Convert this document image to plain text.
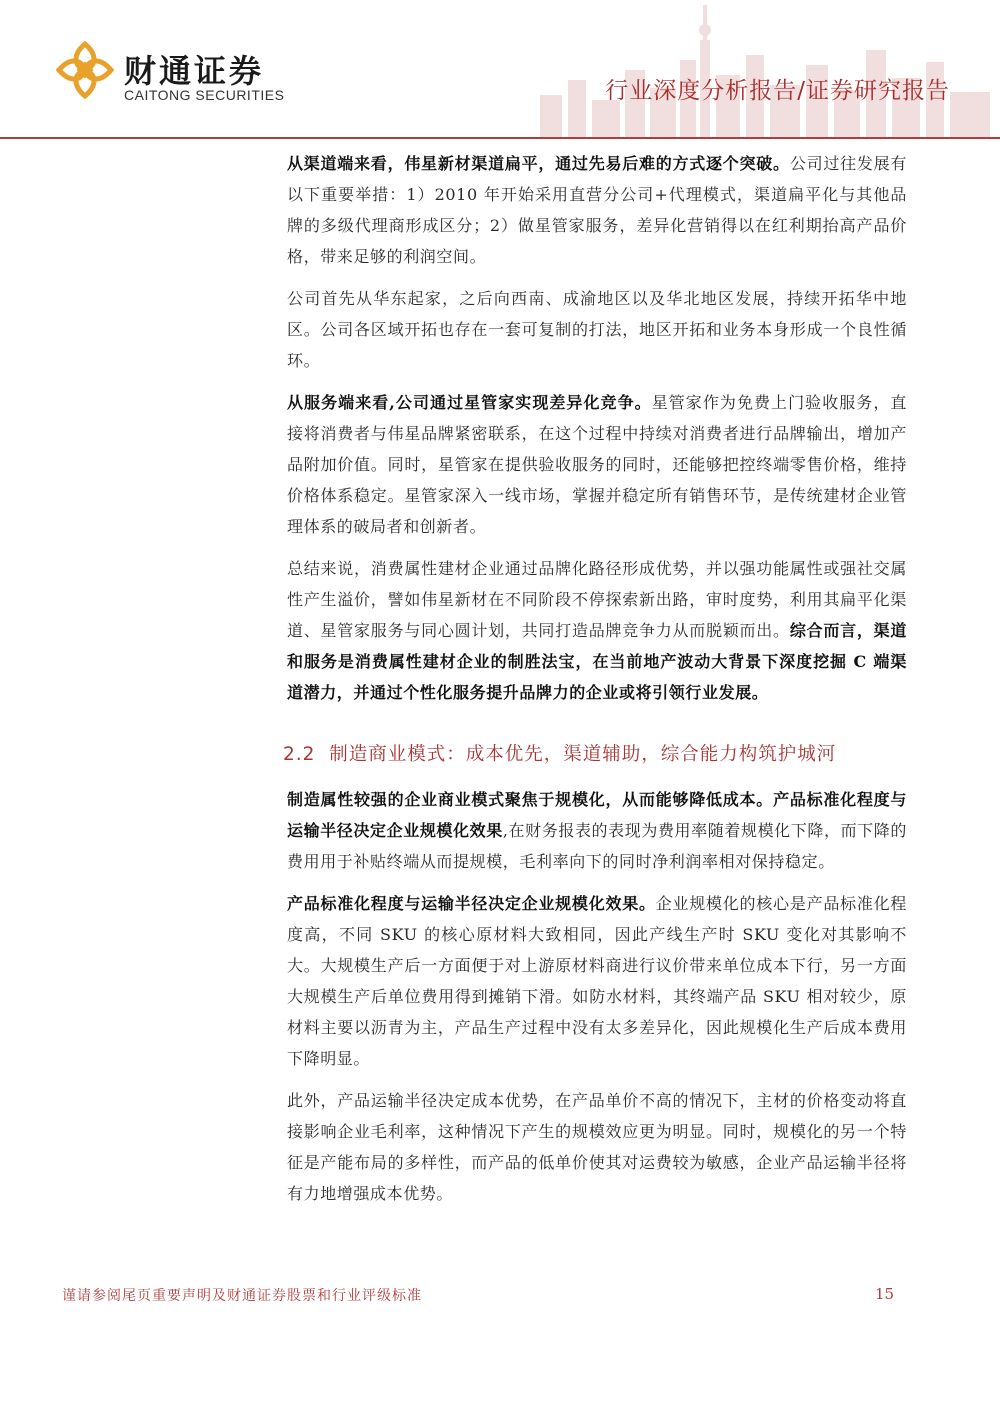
财通证券
CAITONG SECURITIES	行业深度分析报告/证券研究报告

从渠道端来看，伟星新材渠道扁平，通过先易后难的方式逐个突破。公司过往发展有以下重要举措：1）2010 年开始采用直营分公司+代理模式，渠道扁平化与其他品牌的多级代理商形成区分；2）做星管家服务，差异化营销得以在红利期抬高产品价格，带来足够的利润空间。

公司首先从华东起家，之后向西南、成渝地区以及华北地区发展，持续开拓华中地区。公司各区域开拓也存在一套可复制的打法，地区开拓和业务本身形成一个良性循环。

从服务端来看,公司通过星管家实现差异化竞争。星管家作为免费上门验收服务，直接将消费者与伟星品牌紧密联系，在这个过程中持续对消费者进行品牌输出，增加产品附加价值。同时，星管家在提供验收服务的同时，还能够把控终端零售价格，维持价格体系稳定。星管家深入一线市场，掌握并稳定所有销售环节，是传统建材企业管理体系的破局者和创新者。

总结来说，消费属性建材企业通过品牌化路径形成优势，并以强功能属性或强社交属性产生溢价，譬如伟星新材在不同阶段不停探索新出路，审时度势，利用其扁平化渠道、星管家服务与同心圆计划，共同打造品牌竞争力从而脱颖而出。综合而言，渠道和服务是消费属性建材企业的制胜法宝，在当前地产波动大背景下深度挖掘 C 端渠道潜力，并通过个性化服务提升品牌力的企业或将引领行业发展。

2.2 制造商业模式：成本优先，渠道辅助，综合能力构筑护城河

制造属性较强的企业商业模式聚焦于规模化，从而能够降低成本。产品标准化程度与运输半径决定企业规模化效果,在财务报表的表现为费用率随着规模化下降，而下降的费用用于补贴终端从而提规模，毛利率向下的同时净利润率相对保持稳定。

产品标准化程度与运输半径决定企业规模化效果。企业规模化的核心是产品标准化程度高，不同 SKU 的核心原材料大致相同，因此产线生产时 SKU 变化对其影响不大。大规模生产后一方面便于对上游原材料商进行议价带来单位成本下行，另一方面大规模生产后单位费用得到摊销下滑。如防水材料，其终端产品 SKU 相对较少，原材料主要以沥青为主，产品生产过程中没有太多差异化，因此规模化生产后成本费用下降明显。

此外，产品运输半径决定成本优势，在产品单价不高的情况下，主材的价格变动将直接影响企业毛利率，这种情况下产生的规模效应更为明显。同时，规模化的另一个特征是产能布局的多样性，而产品的低单价使其对运费较为敏感，企业产品运输半径将有力地增强成本优势。

谨请参阅尾页重要声明及财通证券股票和行业评级标准	15
